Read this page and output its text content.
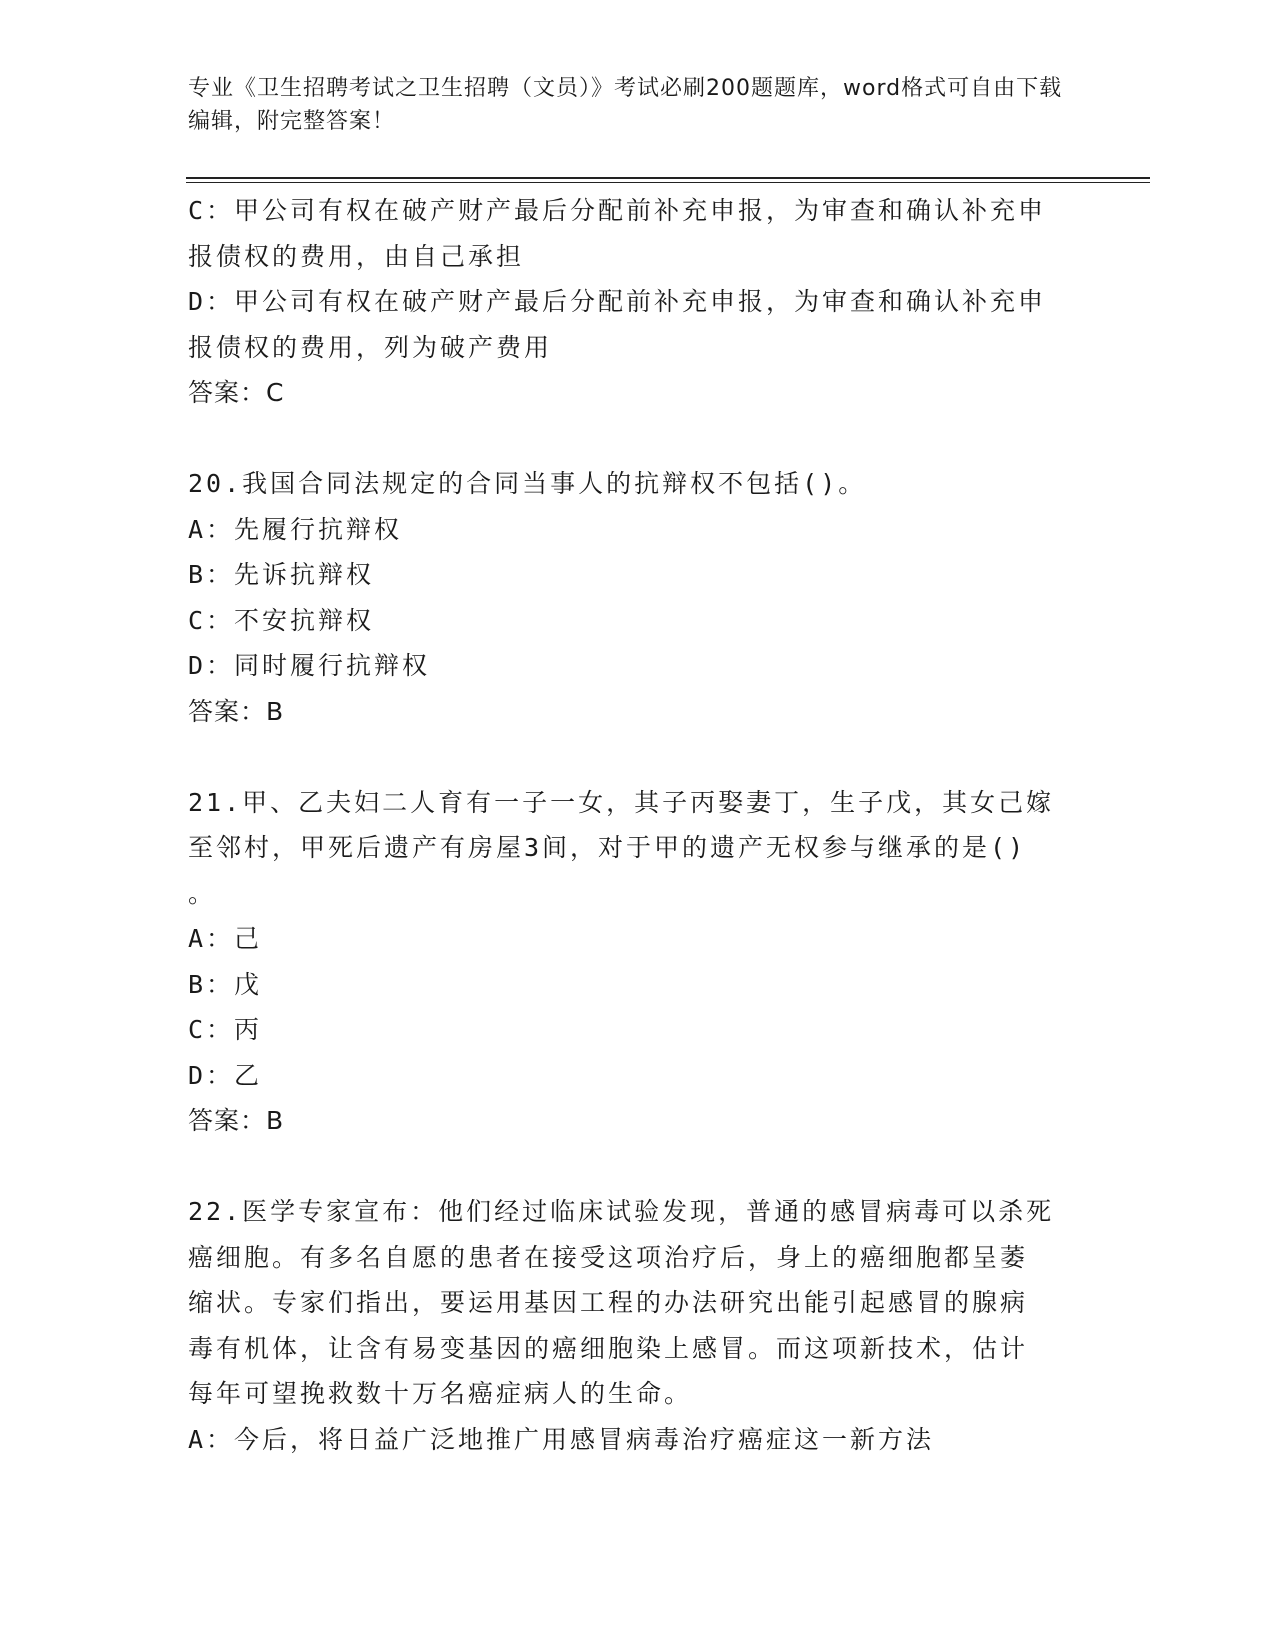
专业《卫生招聘考试之卫生招聘（文员）》考试必刷200题题库，word格式可自由下载编辑，附完整答案！
C：甲公司有权在破产财产最后分配前补充申报，为审查和确认补充申
报债权的费用，由自己承担
D：甲公司有权在破产财产最后分配前补充申报，为审查和确认补充申
报债权的费用，列为破产费用
答案：C
20.我国合同法规定的合同当事人的抗辩权不包括()。
A：先履行抗辩权
B：先诉抗辩权
C：不安抗辩权
D：同时履行抗辩权
答案：B
21.甲、乙夫妇二人育有一子一女，其子丙娶妻丁，生子戊，其女己嫁
至邻村，甲死后遗产有房屋3间，对于甲的遗产无权参与继承的是()
。
A：己
B：戊
C：丙
D：乙
答案：B
22.医学专家宣布：他们经过临床试验发现，普通的感冒病毒可以杀死
癌细胞。有多名自愿的患者在接受这项治疗后，身上的癌细胞都呈萎
缩状。专家们指出，要运用基因工程的办法研究出能引起感冒的腺病
毒有机体，让含有易变基因的癌细胞染上感冒。而这项新技术，估计
每年可望挽救数十万名癌症病人的生命。
A：今后，将日益广泛地推广用感冒病毒治疗癌症这一新方法
